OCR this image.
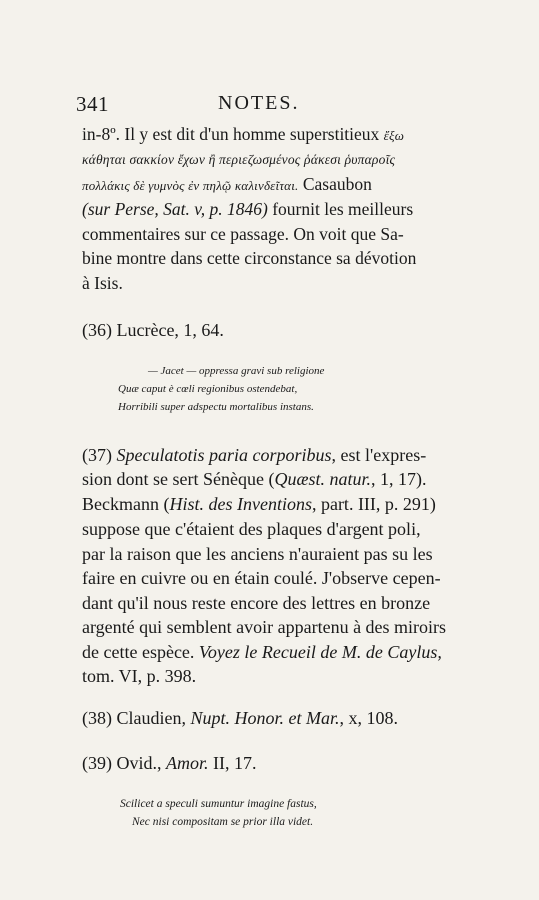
341	NOTES.
in-8º. Il y est dit d'un homme superstitieux ἔξω
κάθηται σακκίον ἔχων ἢ περιεζωσμένος ῥάκεσι ῥυπαροῖς
πολλάκις δὲ γυμνὸς ἐν πηλῷ καλινδεῖται. Casaubon
(sur Perse, Sat. v, p. 1846) fournit les meilleurs
commentaires sur ce passage. On voit que Sa-
bine montre dans cette circonstance sa dévotion
à Isis.
(36) Lucrèce, 1, 64.
— Jacet — oppressa gravi sub religione
Quæ caput è cœli regionibus ostendebat,
Horribili super adspectu mortalibus instans.
(37) Speculatotis paria corporibus, est l'expres-
sion dont se sert Sénèque (Quæst. natur., 1, 17).
Beckmann (Hist. des Inventions, part. III, p. 291)
suppose que c'étaient des plaques d'argent poli,
par la raison que les anciens n'auraient pas su les
faire en cuivre ou en étain coulé. J'observe cepen-
dant qu'il nous reste encore des lettres en bronze
argenté qui semblent avoir appartenu à des miroirs
de cette espèce. Voyez le Recueil de M. de Caylus,
tom. VI, p. 398.
(38) Claudien, Nupt. Honor. et Mar., x, 108.
(39) Ovid., Amor. II, 17.
Scilicet a speculi sumuntur imagine fastus,
Nec nisi compositam se prior illa videt.
